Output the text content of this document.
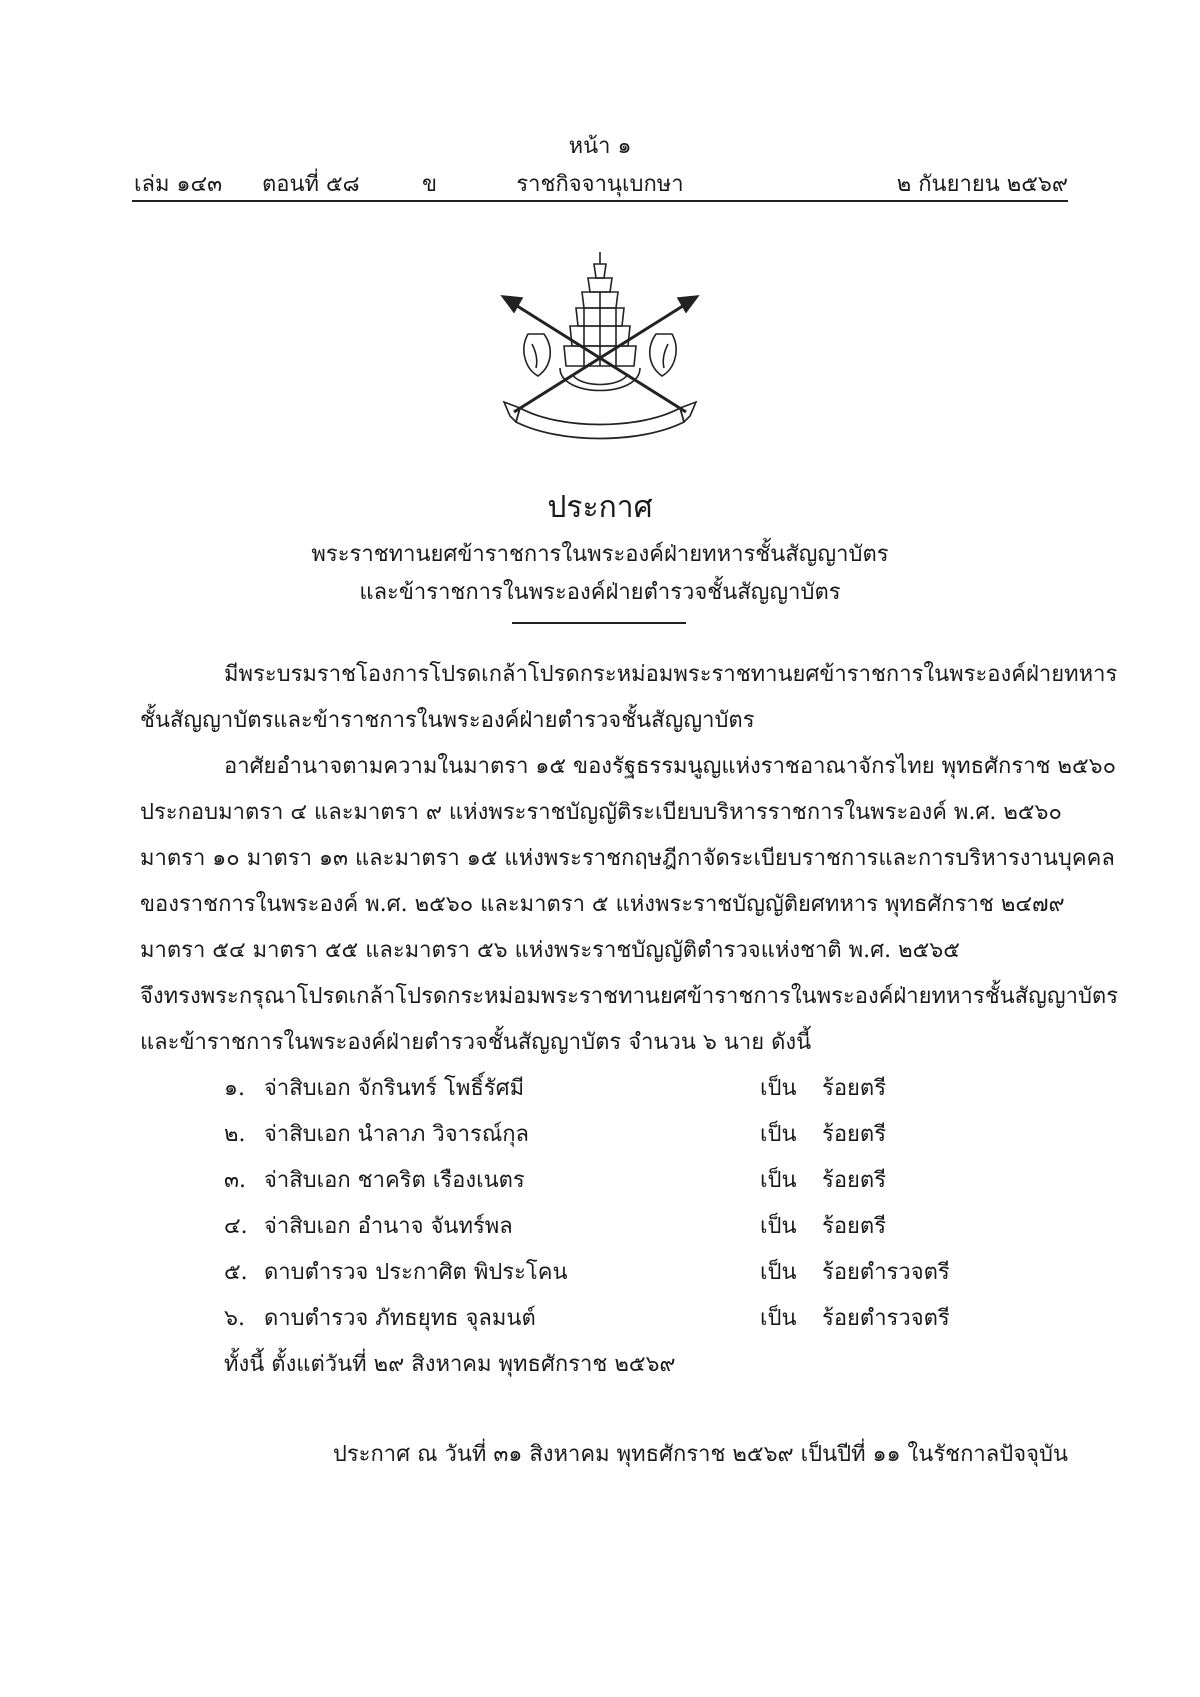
หน้า ๑
เล่ม ๑๔๓ ตอนที่ ๕๘	ข	ราชกิจจานุเบกษา	๒ กันยายน ๒๕๖๙
ประกาศ
พระราชทานยศข้าราชการในพระองค์ฝ่ายทหารชั้นสัญญาบัตร
และข้าราชการในพระองค์ฝ่ายตำรวจชั้นสัญญาบัตร
มีพระบรมราชโองการโปรดเกล้าโปรดกระหม่อมพระราชทานยศข้าราชการในพระองค์ฝ่ายทหาร
ชั้นสัญญาบัตรและข้าราชการในพระองค์ฝ่ายตำรวจชั้นสัญญาบัตร
อาศัยอำนาจตามความในมาตรา ๑๕ ของรัฐธรรมนูญแห่งราชอาณาจักรไทย พุทธศักราช ๒๕๖๐
ประกอบมาตรา ๔ และมาตรา ๙ แห่งพระราชบัญญัติระเบียบบริหารราชการในพระองค์ พ.ศ. ๒๕๖๐
มาตรา ๑๐ มาตรา ๑๓ และมาตรา ๑๕ แห่งพระราชกฤษฎีกาจัดระเบียบราชการและการบริหารงานบุคคล
ของราชการในพระองค์ พ.ศ. ๒๕๖๐ และมาตรา ๕ แห่งพระราชบัญญัติยศทหาร พุทธศักราช ๒๔๗๙
มาตรา ๕๔ มาตรา ๕๕ และมาตรา ๕๖ แห่งพระราชบัญญัติตำรวจแห่งชาติ พ.ศ. ๒๕๖๕
จึงทรงพระกรุณาโปรดเกล้าโปรดกระหม่อมพระราชทานยศข้าราชการในพระองค์ฝ่ายทหารชั้นสัญญาบัตร
และข้าราชการในพระองค์ฝ่ายตำรวจชั้นสัญญาบัตร จำนวน ๖ นาย ดังนี้
๑. จ่าสิบเอก จักรินทร์ โพธิ์รัศมี	เป็น ร้อยตรี
๒. จ่าสิบเอก นำลาภ วิจารณ์กุล	เป็น ร้อยตรี
๓. จ่าสิบเอก ชาคริต เรืองเนตร	เป็น ร้อยตรี
๔. จ่าสิบเอก อำนาจ จันทร์พล	เป็น ร้อยตรี
๕. ดาบตำรวจ ประกาศิต พิประโคน	เป็น ร้อยตำรวจตรี
๖. ดาบตำรวจ ภัทธยุทธ จุลมนต์	เป็น ร้อยตำรวจตรี
ทั้งนี้ ตั้งแต่วันที่ ๒๙ สิงหาคม พุทธศักราช ๒๕๖๙
ประกาศ ณ วันที่ ๓๑ สิงหาคม พุทธศักราช ๒๕๖๙ เป็นปีที่ ๑๑ ในรัชกาลปัจจุบัน
